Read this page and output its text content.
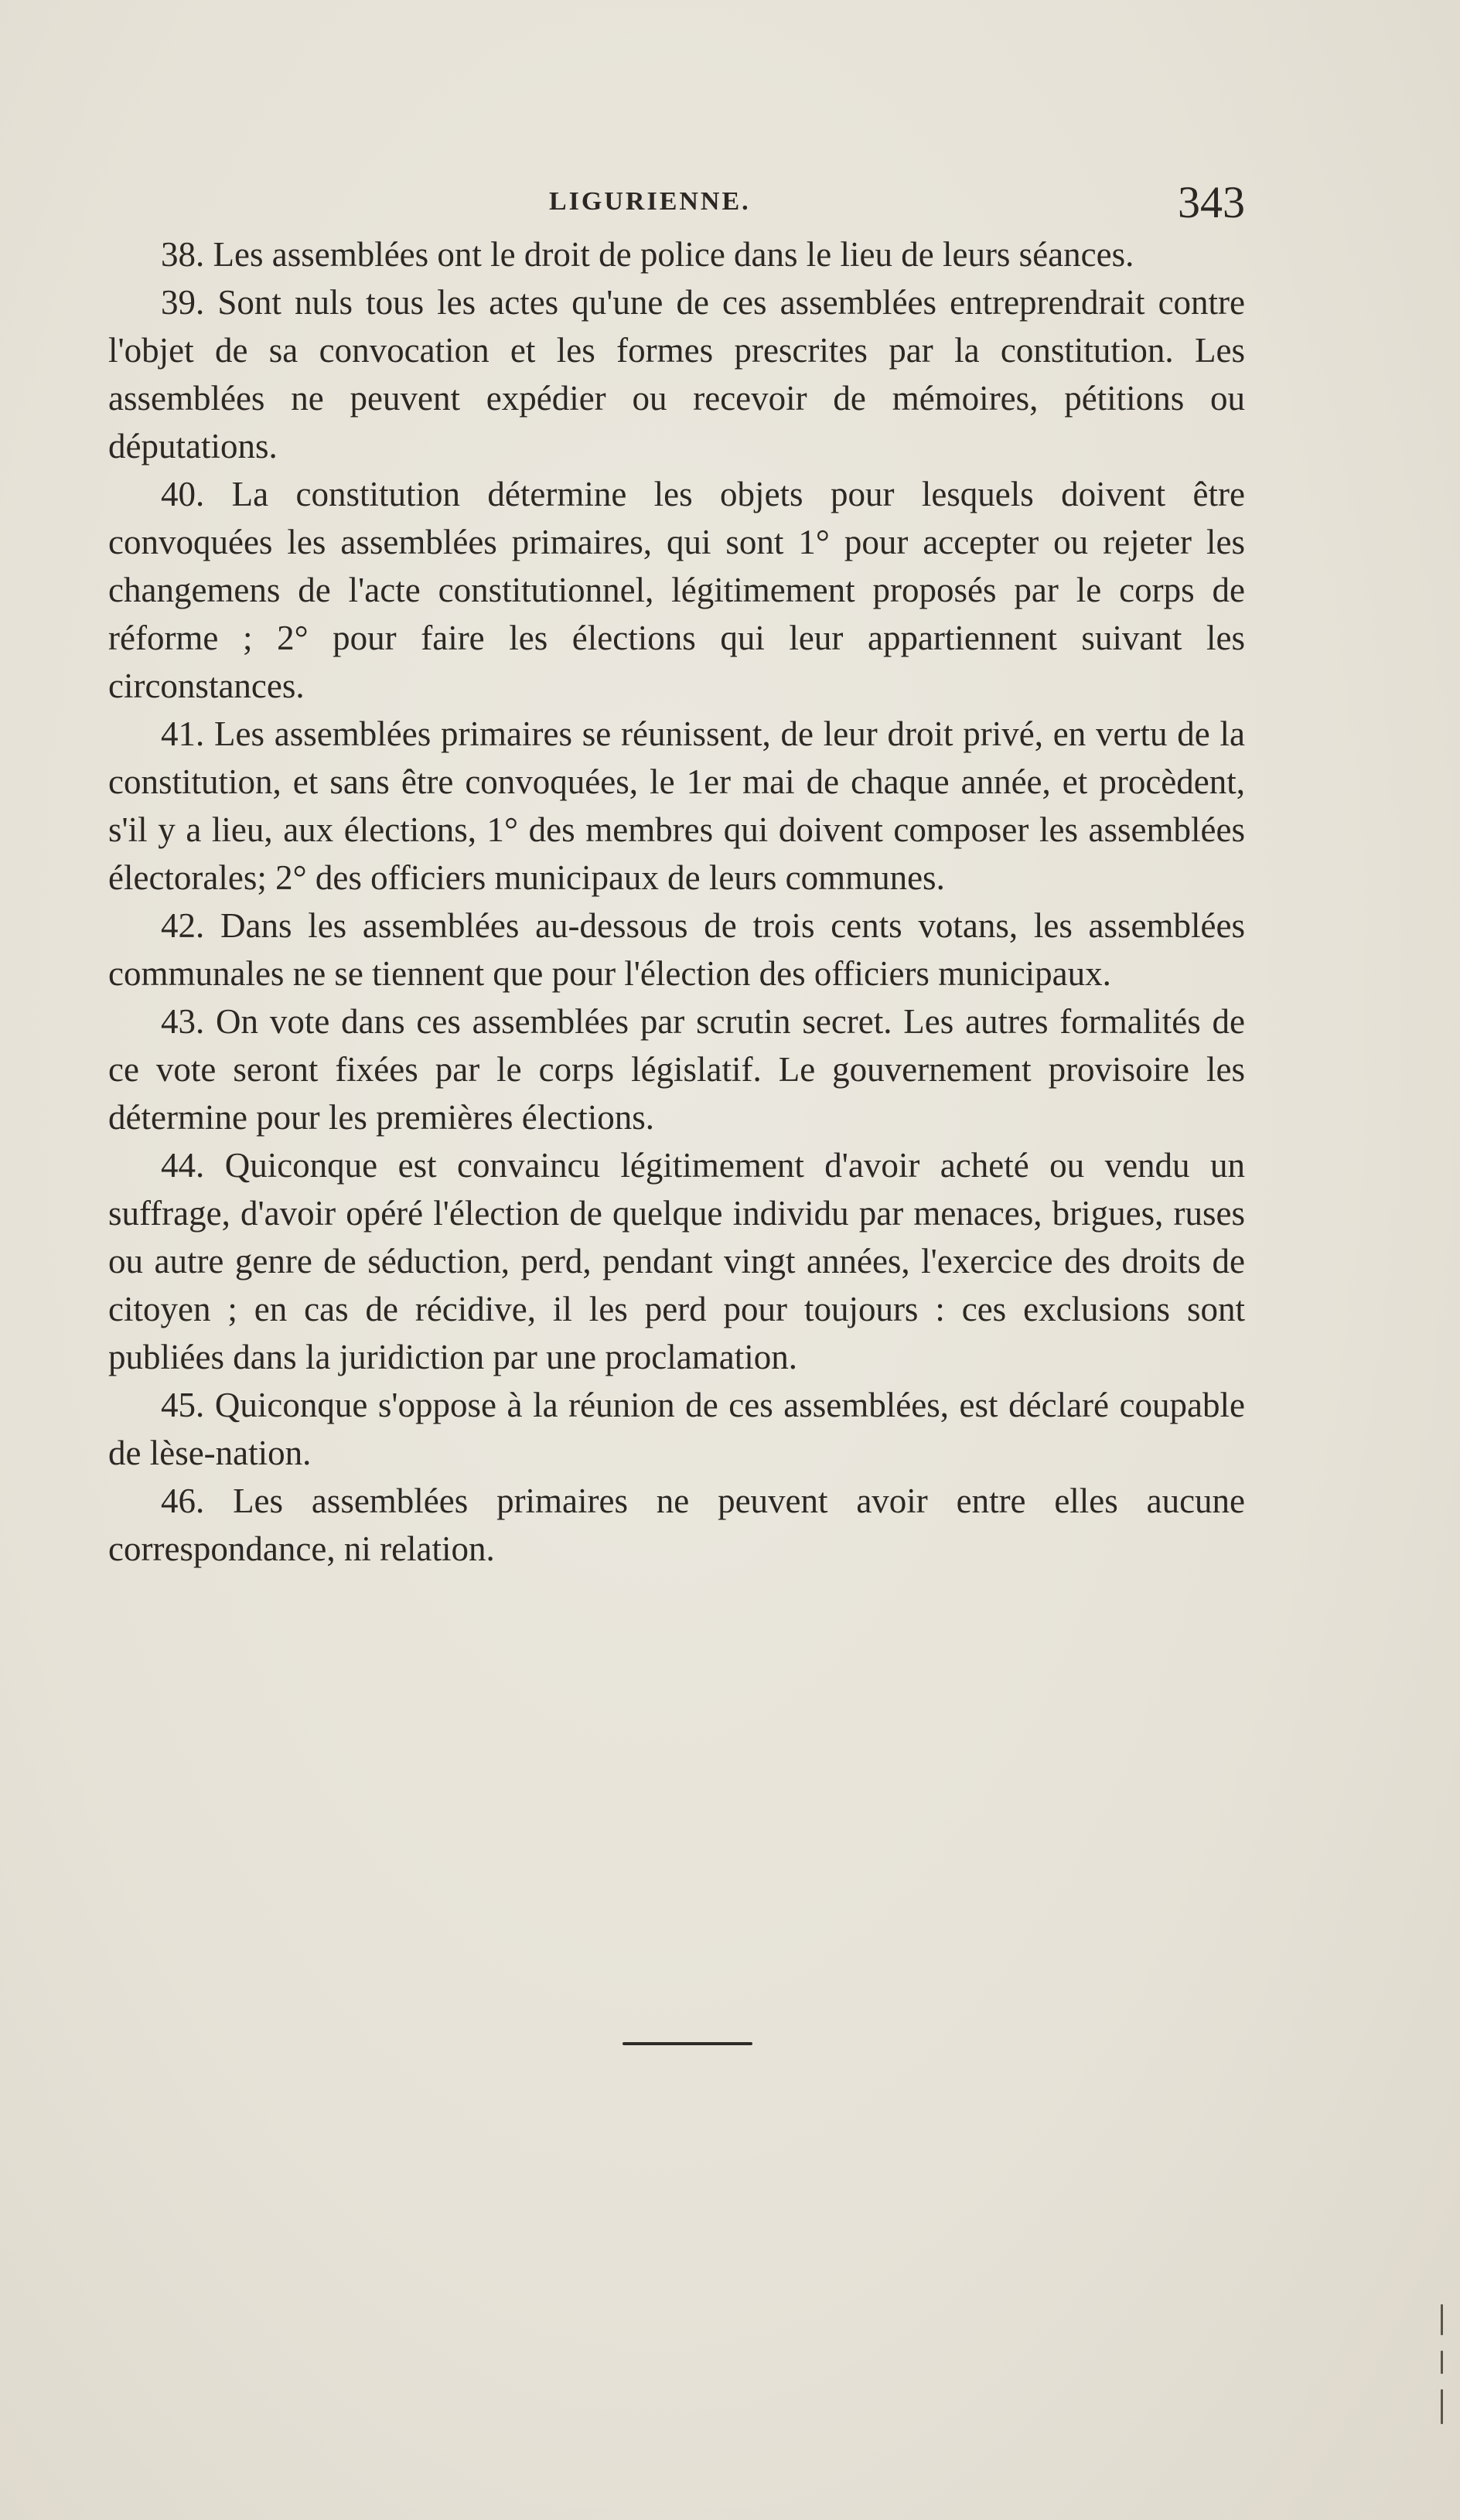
LIGURIENNE.	343

38. Les assemblées ont le droit de police dans le lieu de leurs séances.

39. Sont nuls tous les actes qu'une de ces assemblées entreprendrait contre l'objet de sa convocation et les formes prescrites par la constitution. Les assemblées ne peuvent expédier ou recevoir de mémoires, pétitions ou députations.

40. La constitution détermine les objets pour lesquels doivent être convoquées les assemblées primaires, qui sont 1° pour accepter ou rejeter les changemens de l'acte constitutionnel, légitimement proposés par le corps de réforme ; 2° pour faire les élections qui leur appartiennent suivant les circonstances.

41. Les assemblées primaires se réunissent, de leur droit privé, en vertu de la constitution, et sans être convoquées, le 1er mai de chaque année, et procèdent, s'il y a lieu, aux élections, 1° des membres qui doivent composer les assemblées électorales; 2° des officiers municipaux de leurs communes.

42. Dans les assemblées au-dessous de trois cents votans, les assemblées communales ne se tiennent que pour l'élection des officiers municipaux.

43. On vote dans ces assemblées par scrutin secret. Les autres formalités de ce vote seront fixées par le corps législatif. Le gouvernement provisoire les détermine pour les premières élections.

44. Quiconque est convaincu légitimement d'avoir acheté ou vendu un suffrage, d'avoir opéré l'élection de quelque individu par menaces, brigues, ruses ou autre genre de séduction, perd, pendant vingt années, l'exercice des droits de citoyen ; en cas de récidive, il les perd pour toujours : ces exclusions sont publiées dans la juridiction par une proclamation.

45. Quiconque s'oppose à la réunion de ces assemblées, est déclaré coupable de lèse-nation.

46. Les assemblées primaires ne peuvent avoir entre elles aucune correspondance, ni relation.
